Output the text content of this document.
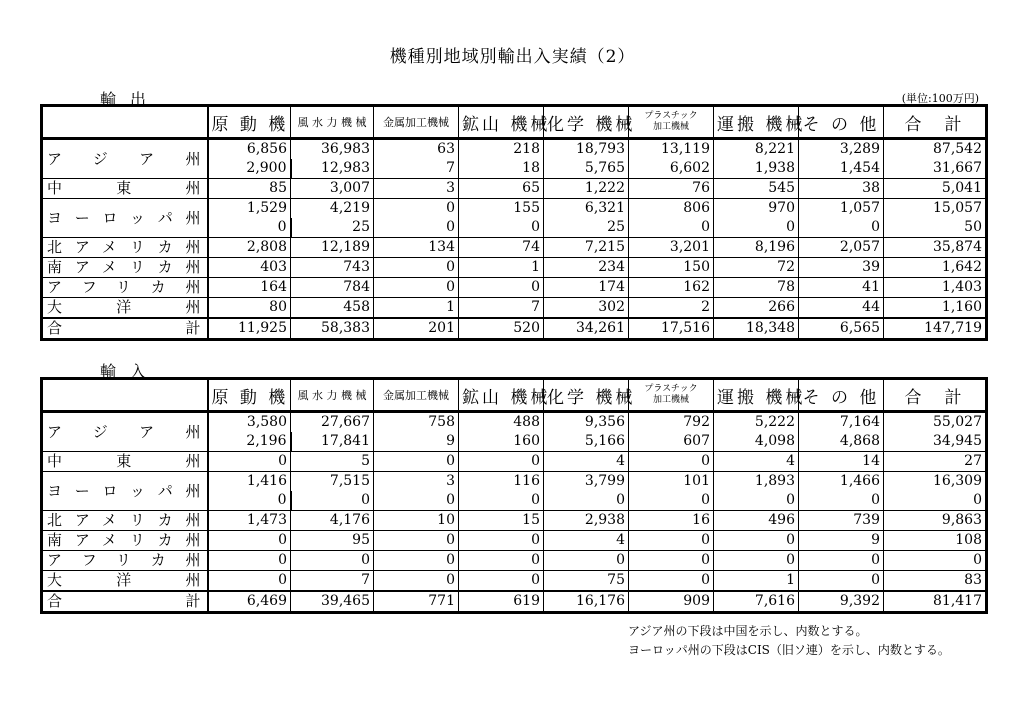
機種別地域別輸出入実績（2）
輸出	(単位:100万円)

	原 動 機	風 水 力 機 械	金属加工機械	鉱山 機械	化学 機械	プラスチック
加工機械	運搬 機械	そ の 他	合　計

アジア州	6,856	36,983	63	218	18,793	13,119	8,221	3,289	87,542
	2,900	12,983	7	18	5,765	6,602	1,938	1,454	31,667
中東州	85	3,007	3	65	1,222	76	545	38	5,041
ヨーロッパ州	1,529	4,219	0	155	6,321	806	970	1,057	15,057
	0	25	0	0	25	0	0	0	50
北アメリカ州	2,808	12,189	134	74	7,215	3,201	8,196	2,057	35,874
南アメリカ州	403	743	0	1	234	150	72	39	1,642
アフリカ州	164	784	0	0	174	162	78	41	1,403
大洋州	80	458	1	7	302	2	266	44	1,160
合計	11,925	58,383	201	520	34,261	17,516	18,348	6,565	147,719
輸入

	原 動 機	風 水 力 機 械	金属加工機械	鉱山 機械	化学 機械	プラスチック
加工機械	運搬 機械	そ の 他	合　計

アジア州	3,580	27,667	758	488	9,356	792	5,222	7,164	55,027
	2,196	17,841	9	160	5,166	607	4,098	4,868	34,945
中東州	0	5	0	0	4	0	4	14	27
ヨーロッパ州	1,416	7,515	3	116	3,799	101	1,893	1,466	16,309
	0	0	0	0	0	0	0	0	0
北アメリカ州	1,473	4,176	10	15	2,938	16	496	739	9,863
南アメリカ州	0	95	0	0	4	0	0	9	108
アフリカ州	0	0	0	0	0	0	0	0	0
大洋州	0	7	0	0	75	0	1	0	83
合計	6,469	39,465	771	619	16,176	909	7,616	9,392	81,417
アジア州の下段は中国を示し、内数とする。
ヨーロッパ州の下段はCIS（旧ソ連）を示し、内数とする。
